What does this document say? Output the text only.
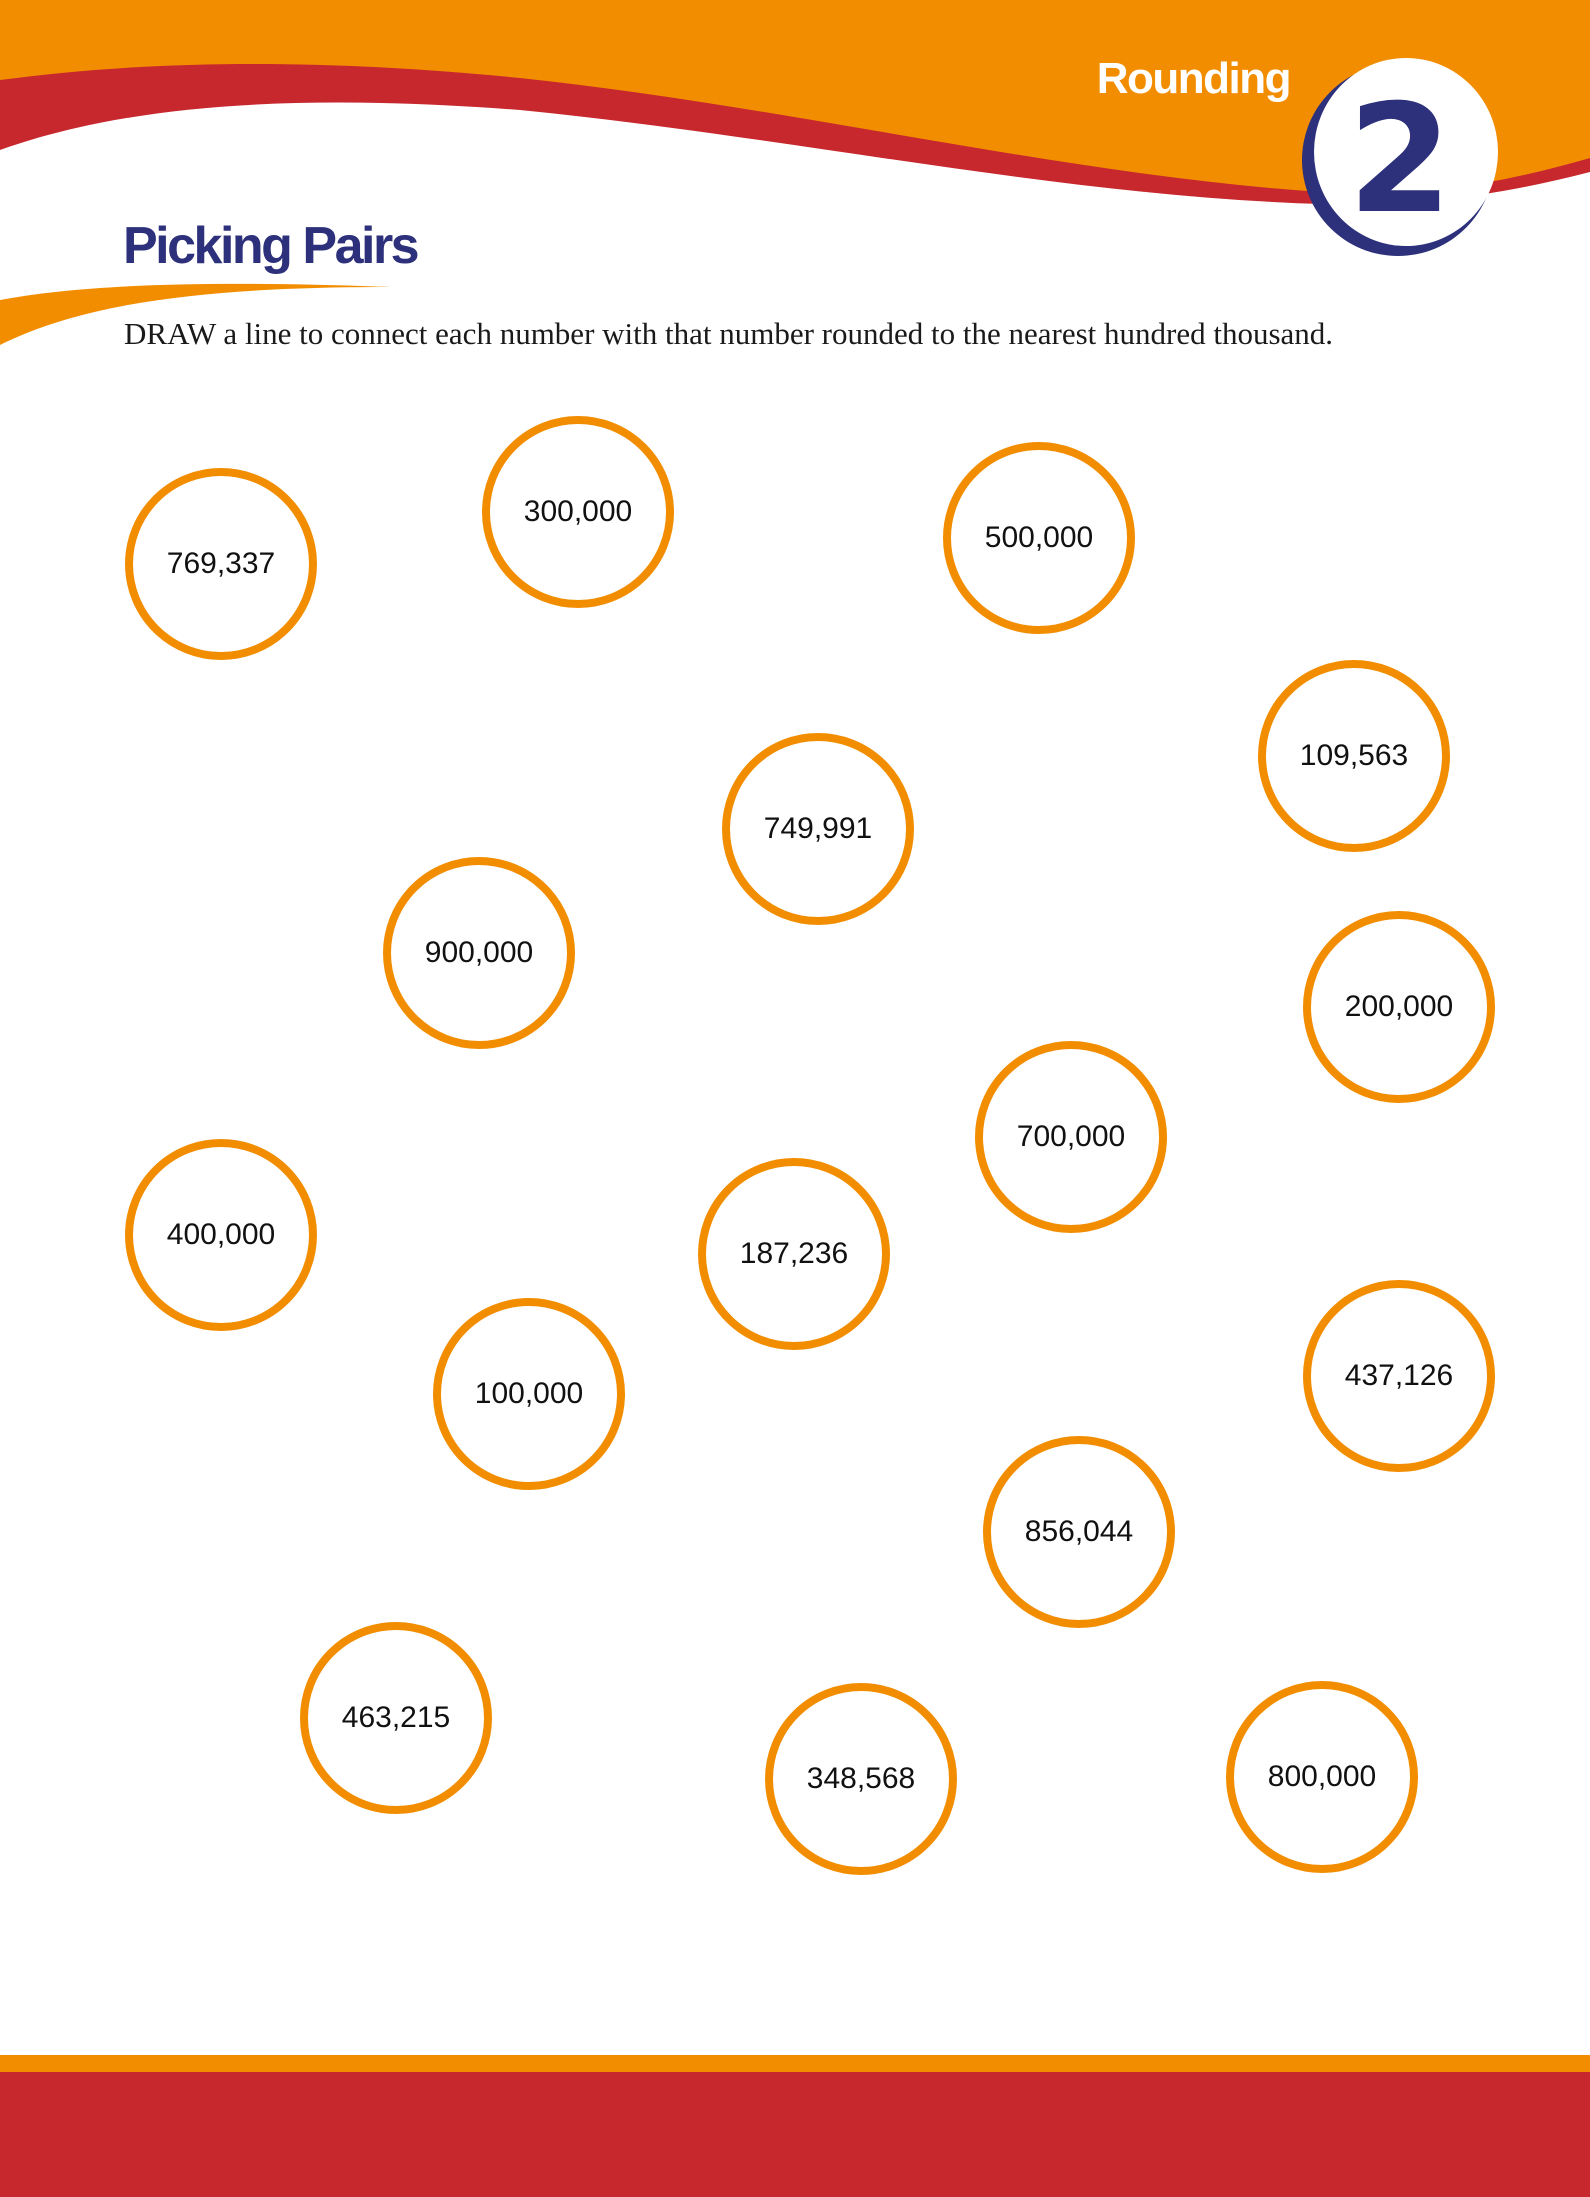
Rounding 2
Picking Pairs
DRAW a line to connect each number with that number rounded to the nearest hundred thousand.
769,337
300,000
500,000
109,563
749,991
900,000
200,000
700,000
400,000
187,236
100,000
437,126
856,044
463,215
348,568	800,000
